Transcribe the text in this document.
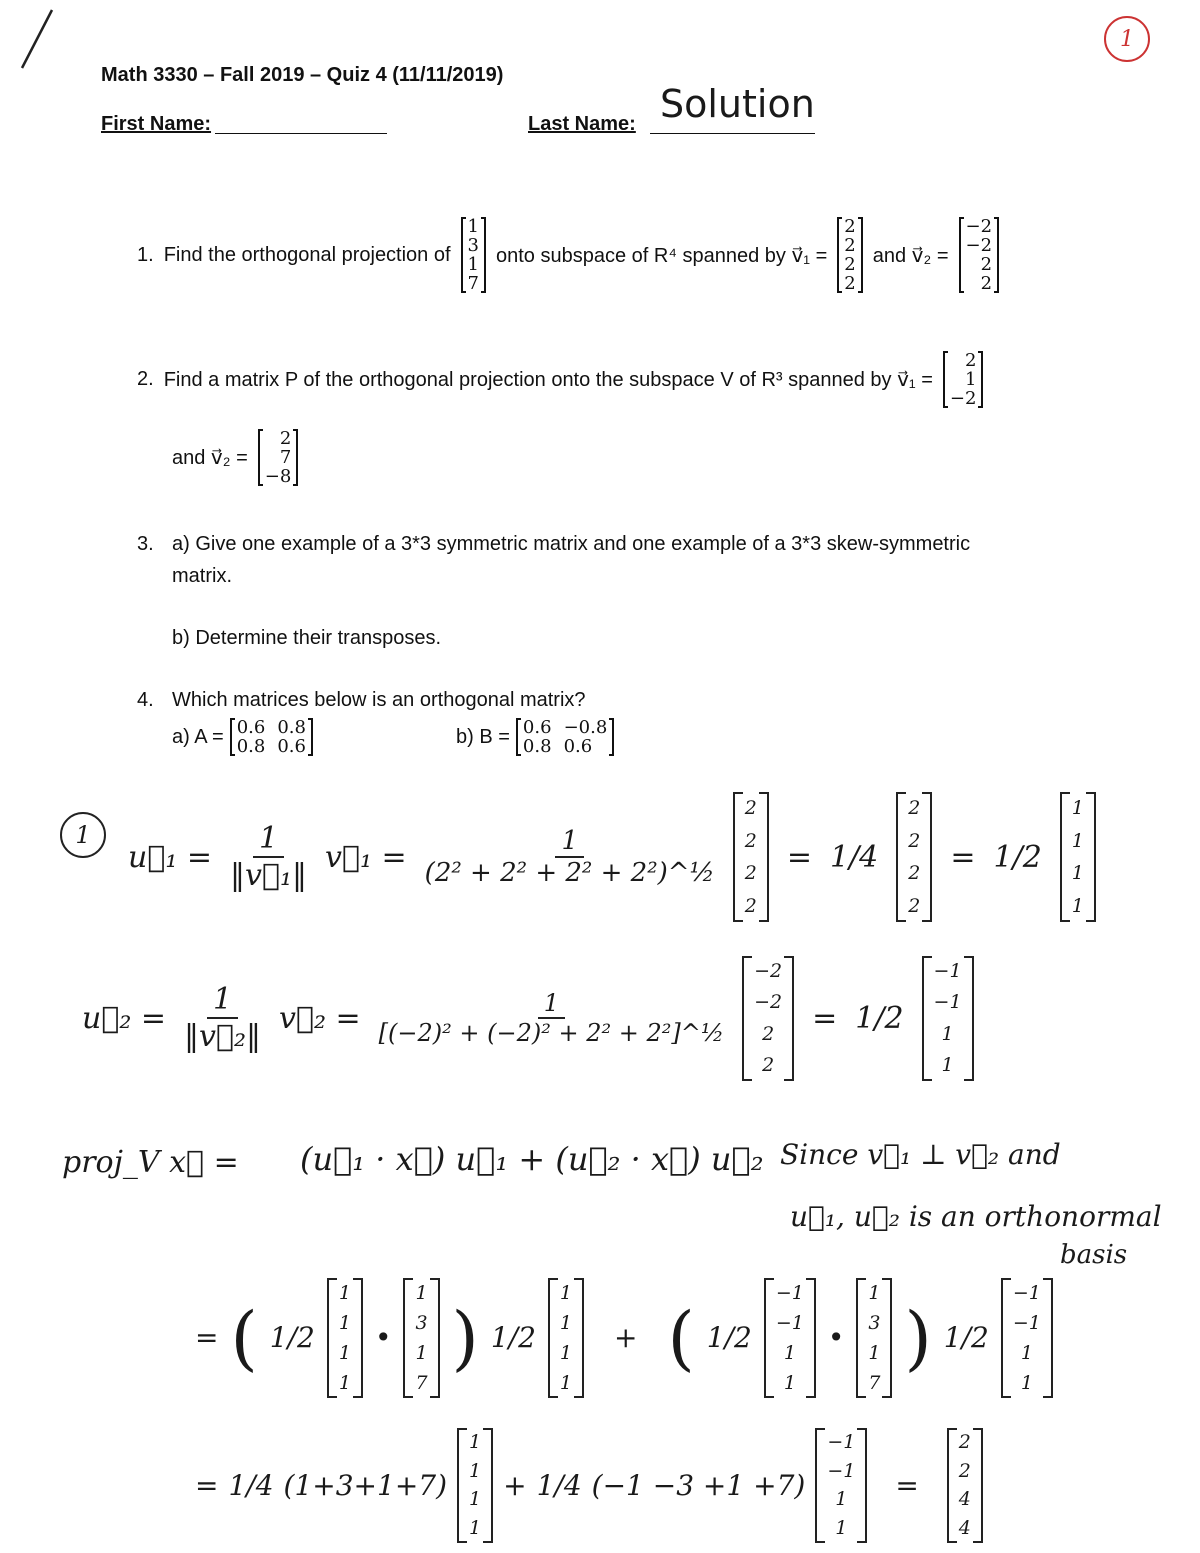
1
Math 3330 – Fall 2019 – Quiz 4 (11/11/2019)
First Name:	Last Name: Solution
1. Find the orthogonal projection of
1
3
1
7
onto subspace of R⁴ spanned by v⃗₁ =
2
2
2
2
and v⃗₂ =
−2
−2
2
2
2. Find a matrix P of the orthogonal projection onto the subspace V of R³ spanned by v⃗₁ =
2
1
−2
and v⃗₂ =
2
7
−8
3. a) Give one example of a 3*3 symmetric matrix and one example of a 3*3 skew-symmetric
matrix.
b) Determine their transposes.
4. Which matrices below is an orthogonal matrix?
a) A = 0.6 0.8
0.8 0.6	b) B = 0.6 −0.8
0.8 0.6
1
u⃗₁ = $\frac{1}{\text{‖v⃗₁‖}}$ v⃗₁ = $\frac{1}{\text{(2² + 2² + 2² + 2²)\textasciicircum{}½}}$
2
2
2
2
= 1/4
2
2
2
2
= 1/2
1
1
1
1
u⃗₂ = $\frac{1}{\text{‖v⃗₂‖}}$ v⃗₂ = $\frac{1}{\text{[(−2)² + (−2)² + 2² + 2²]\textasciicircum{}½}}$
−2
−2
2
2
= 1/2
−1
−1
1
1
proj_V x⃗ = (u⃗₁ · x⃗) u⃗₁ + (u⃗₂ · x⃗) u⃗₂ Since v⃗₁ ⊥ v⃗₂ and
u⃗₁, u⃗₂ is an orthonormal
basis
= ( 1/2
1
1
1
1
•
1
3
1
7
) 1/2
1
1
1
1
+ ( 1/2
−1
−1
1
1
•
1
3
1
7
) 1/2
−1
−1
1
1
= 1/4 (1+3+1+7)
1
1
1
1
+ 1/4 (−1 −3 +1 +7)
−1
−1
1
1
=
2
2
4
4
